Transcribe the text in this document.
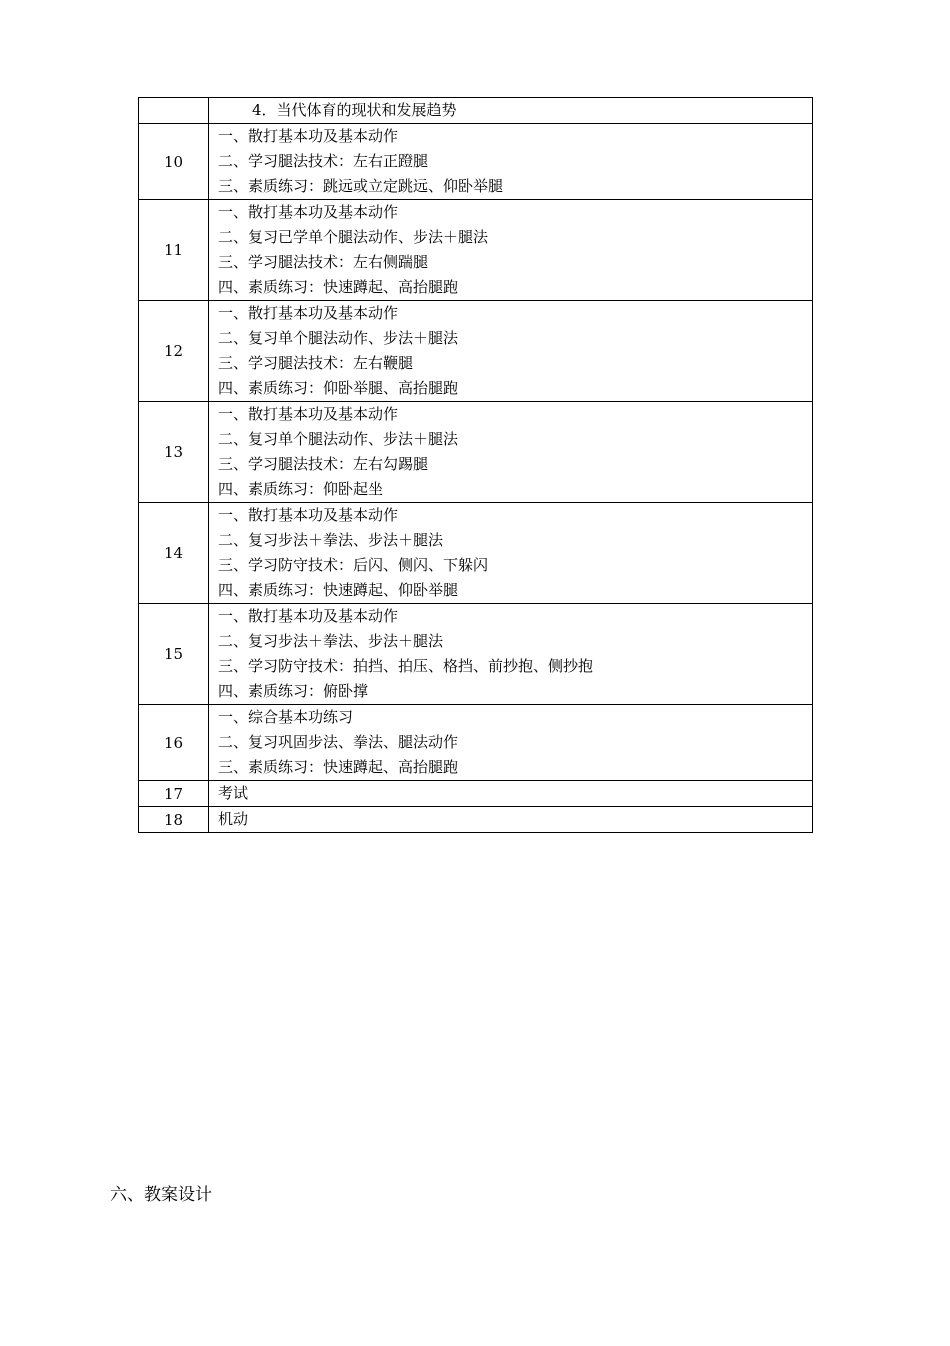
	4．当代体育的现状和发展趋势

10	一、散打基本功及基本动作
二、学习腿法技术：左右正蹬腿
三、素质练习：跳远或立定跳远、仰卧举腿

11	一、散打基本功及基本动作
二、复习已学单个腿法动作、步法＋腿法
三、学习腿法技术：左右侧踹腿
四、素质练习：快速蹲起、高抬腿跑

12	一、散打基本功及基本动作
二、复习单个腿法动作、步法＋腿法
三、学习腿法技术：左右鞭腿
四、素质练习：仰卧举腿、高抬腿跑

13	一、散打基本功及基本动作
二、复习单个腿法动作、步法＋腿法
三、学习腿法技术：左右勾踢腿
四、素质练习：仰卧起坐

14	一、散打基本功及基本动作
二、复习步法＋拳法、步法＋腿法
三、学习防守技术：后闪、侧闪、下躲闪
四、素质练习：快速蹲起、仰卧举腿

15	一、散打基本功及基本动作
二、复习步法＋拳法、步法＋腿法
三、学习防守技术：拍挡、拍压、格挡、前抄抱、侧抄抱
四、素质练习：俯卧撑

16	一、综合基本功练习
二、复习巩固步法、拳法、腿法动作
三、素质练习：快速蹲起、高抬腿跑

17	考试

18	机动
六、教案设计
